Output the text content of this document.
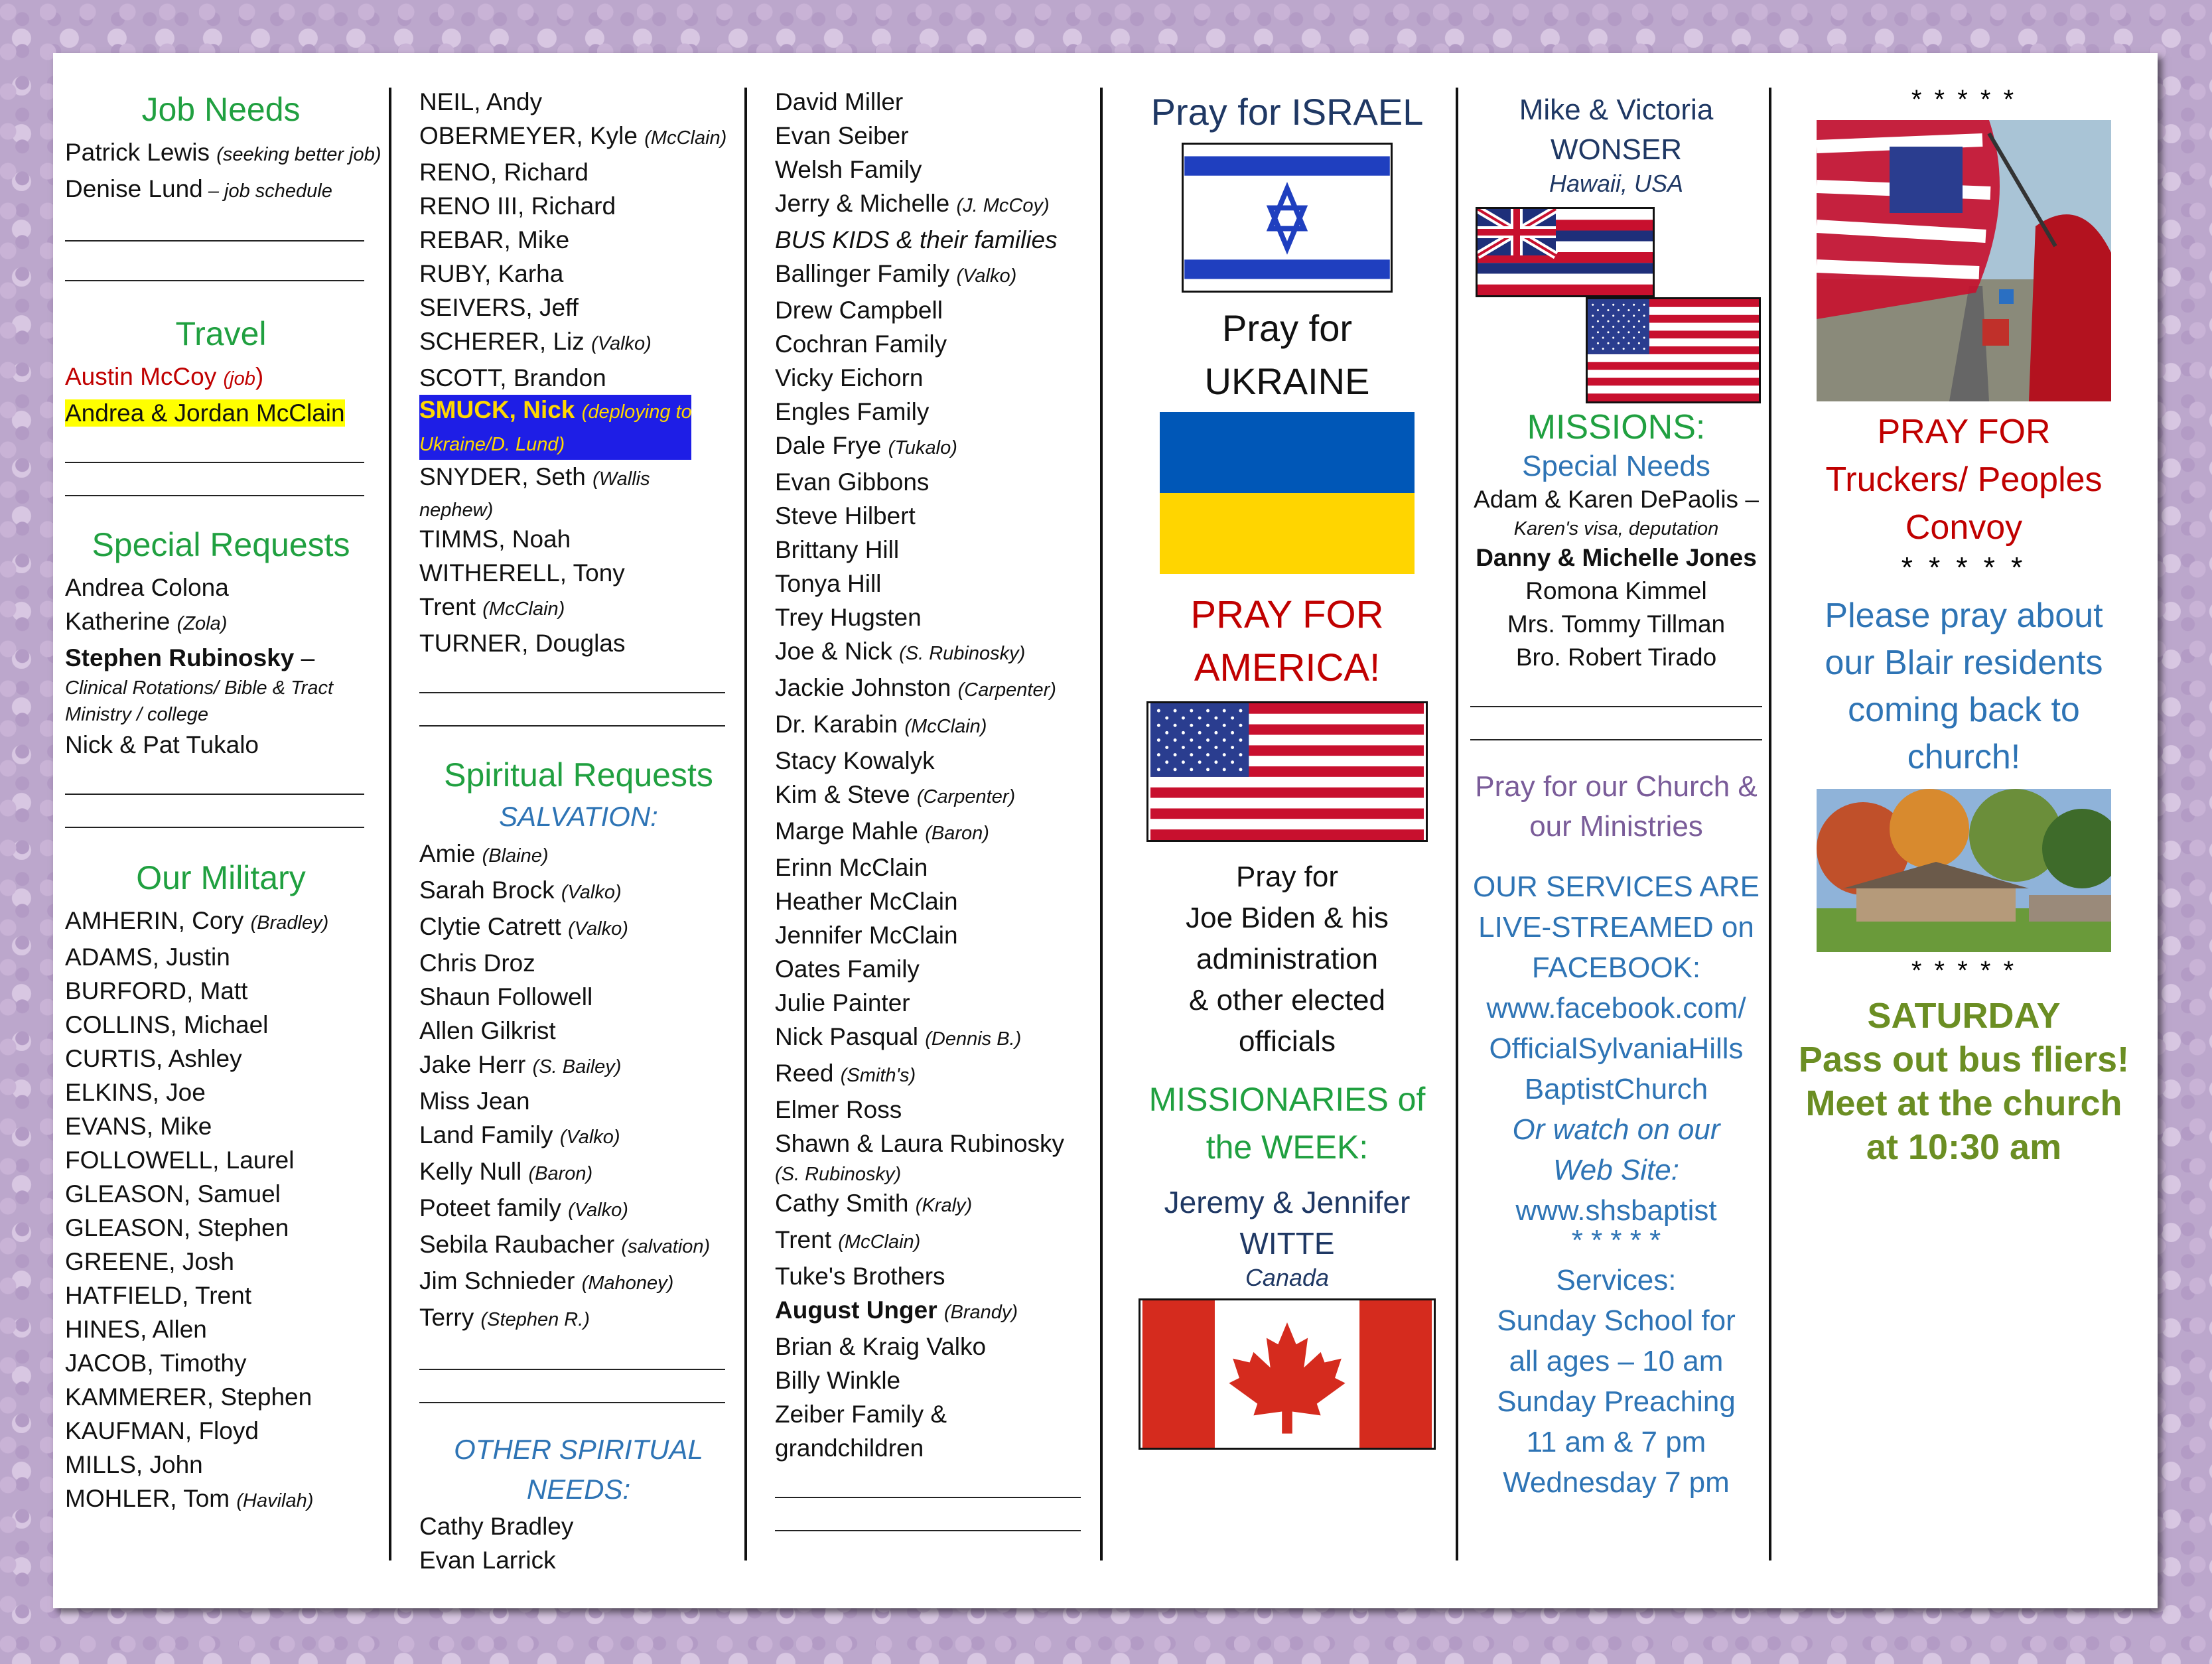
Job Needs
Patrick Lewis (seeking better job)
Denise Lund – job schedule
Travel
Austin McCoy (job)
Andrea & Jordan McClain
Special Requests
Andrea Colona
Katherine (Zola)
Stephen Rubinosky –
Clinical Rotations/ Bible & Tract
Ministry / college
Nick & Pat Tukalo
Our Military
AMHERIN, Cory (Bradley)
ADAMS, Justin
BURFORD, Matt
COLLINS, Michael
CURTIS, Ashley
ELKINS, Joe
EVANS, Mike
FOLLOWELL, Laurel
GLEASON, Samuel
GLEASON, Stephen
GREENE, Josh
HATFIELD, Trent
HINES, Allen
JACOB, Timothy
KAMMERER, Stephen
KAUFMAN, Floyd
MILLS, John
MOHLER, Tom (Havilah)
NEIL, Andy
OBERMEYER, Kyle (McClain)
RENO, Richard
RENO III, Richard
REBAR, Mike
RUBY, Karha
SEIVERS, Jeff
SCHERER, Liz (Valko)
SCOTT, Brandon
SMUCK, Nick (deploying to
Ukraine/D. Lund)
SNYDER, Seth (Wallis
nephew)
TIMMS, Noah
WITHERELL, Tony
Trent (McClain)
TURNER, Douglas
Spiritual Requests
SALVATION:
Amie (Blaine)
Sarah Brock (Valko)
Clytie Catrett (Valko)
Chris Droz
Shaun Followell
Allen Gilkrist
Jake Herr (S. Bailey)
Miss Jean
Land Family (Valko)
Kelly Null (Baron)
Poteet family (Valko)
Sebila Raubacher (salvation)
Jim Schnieder (Mahoney)
Terry (Stephen R.)
OTHER SPIRITUAL
NEEDS:
Cathy Bradley
Evan Larrick
David Miller
Evan Seiber
Welsh Family
Jerry & Michelle (J. McCoy)
BUS KIDS & their families
Ballinger Family (Valko)
Drew Campbell
Cochran Family
Vicky Eichorn
Engles Family
Dale Frye (Tukalo)
Evan Gibbons
Steve Hilbert
Brittany Hill
Tonya Hill
Trey Hugsten
Joe & Nick (S. Rubinosky)
Jackie Johnston (Carpenter)
Dr. Karabin (McClain)
Stacy Kowalyk
Kim & Steve (Carpenter)
Marge Mahle (Baron)
Erinn McClain
Heather McClain
Jennifer McClain
Oates Family
Julie Painter
Nick Pasqual (Dennis B.)
Reed (Smith's)
Elmer Ross
Shawn & Laura Rubinosky
(S. Rubinosky)
Cathy Smith (Kraly)
Trent (McClain)
Tuke's Brothers
August Unger (Brandy)
Brian & Kraig Valko
Billy Winkle
Zeiber Family &
grandchildren
Pray for ISRAEL
Pray for
UKRAINE
PRAY FOR
AMERICA!
Pray for
Joe Biden & his
administration
& other elected
officials
MISSIONARIES of
the WEEK:
Jeremy & Jennifer
WITTE
Canada
Mike & Victoria
WONSER
Hawaii, USA
MISSIONS:
Special Needs
Adam & Karen DePaolis –
Karen's visa, deputation
Danny & Michelle Jones
Romona Kimmel
Mrs. Tommy Tillman
Bro. Robert Tirado
Pray for our Church &
our Ministries
OUR SERVICES ARE
LIVE-STREAMED on
FACEBOOK:
www.facebook.com/
OfficialSylvaniaHills
BaptistChurch
Or watch on our
Web Site:
www.shsbaptist
* * * * *
Services:
Sunday School for
all ages – 10 am
Sunday Preaching
11 am & 7 pm
Wednesday 7 pm
* * * * *
PRAY FOR
Truckers/ Peoples
Convoy
* * * * *
Please pray about
our Blair residents
coming back to
church!
* * * * *
SATURDAY
Pass out bus fliers!
Meet at the church
at 10:30 am
